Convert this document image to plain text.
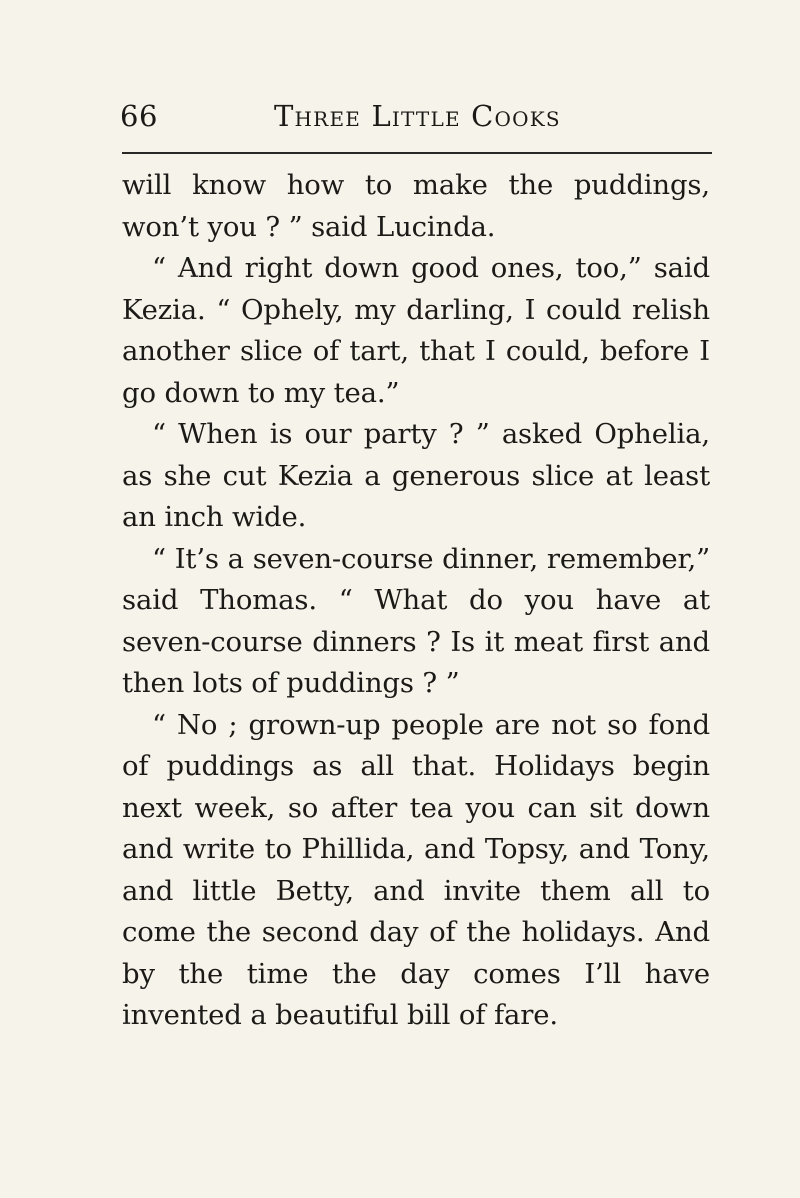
66	Three Little Cooks

will know how to make the puddings, won’t you ? ” said Lucinda.

“ And right down good ones, too,” said Kezia. “ Ophely, my darling, I could relish another slice of tart, that I could, before I go down to my tea.”

“ When is our party ? ” asked Ophelia, as she cut Kezia a generous slice at least an inch wide.

“ It’s a seven-course dinner, remember,” said Thomas. “ What do you have at seven-course dinners ? Is it meat first and then lots of puddings ? ”

“ No ; grown-up people are not so fond of puddings as all that. Holidays begin next week, so after tea you can sit down and write to Phillida, and Topsy, and Tony, and little Betty, and invite them all to come the second day of the holidays. And by the time the day comes I’ll have invented a beautiful bill of fare.
